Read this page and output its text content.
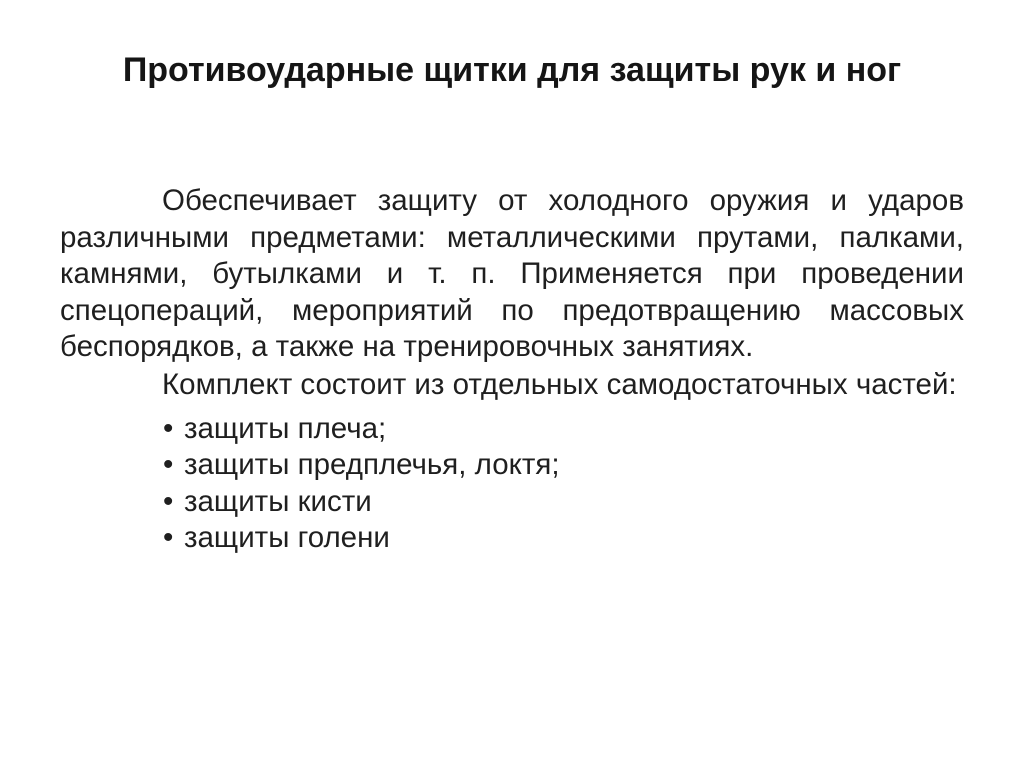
Противоударные щитки для защиты рук и ног

Обеспечивает защиту от холодного оружия и ударов различными предметами: металлическими прутами, палками, камнями, бутылками и т. п. Применяется при проведении спецопераций, мероприятий по предотвращению массовых беспорядков, а также на тренировочных занятиях.

Комплект состоит из отдельных самодостаточных частей:

• защиты плеча;
• защиты предплечья, локтя;
• защиты кисти
• защиты голени
